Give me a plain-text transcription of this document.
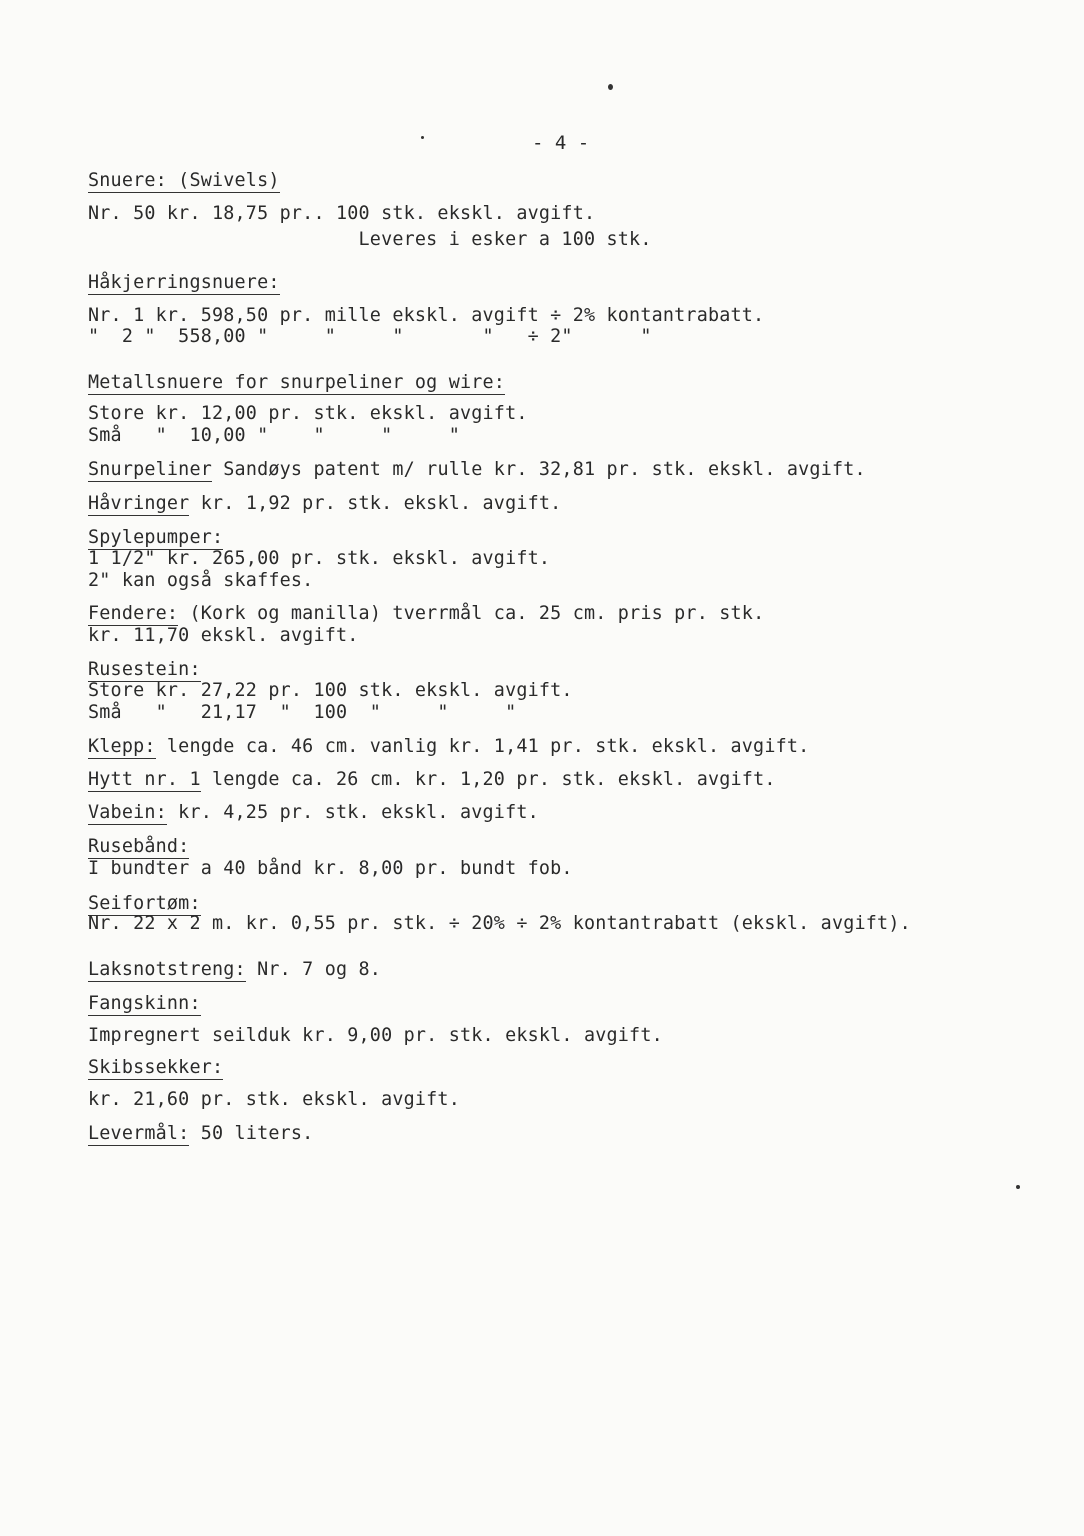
- 4 -
Snuere: (Swivels)
Nr. 50 kr. 18,75 pr.. 100 stk. ekskl. avgift.
Leveres i esker a 100 stk.
Håkjerringsnuere:
Nr. 1 kr. 598,50 pr. mille ekskl. avgift ÷ 2% kontantrabatt.
"  2 "  558,00 "     "     "       "   ÷ 2"      "
Metallsnuere for snurpeliner og wire:
Store kr. 12,00 pr. stk. ekskl. avgift.
Små   "  10,00 "    "     "     "
Snurpeliner Sandøys patent m/ rulle kr. 32,81 pr. stk. ekskl. avgift.
Håvringer kr. 1,92 pr. stk. ekskl. avgift.
Spylepumper:
1 1/2" kr. 265,00 pr. stk. ekskl. avgift.
2" kan også skaffes.
Fendere: (Kork og manilla) tverrmål ca. 25 cm. pris pr. stk.
kr. 11,70 ekskl. avgift.
Rusestein:
Store kr. 27,22 pr. 100 stk. ekskl. avgift.
Små   "   21,17  "  100  "     "     "
Klepp: lengde ca. 46 cm. vanlig kr. 1,41 pr. stk. ekskl. avgift.
Hytt nr. 1 lengde ca. 26 cm. kr. 1,20 pr. stk. ekskl. avgift.
Vabein: kr. 4,25 pr. stk. ekskl. avgift.
Rusebånd:
I bundter a 40 bånd kr. 8,00 pr. bundt fob.
Seifortøm:
Nr. 22 x 2 m. kr. 0,55 pr. stk. ÷ 20% ÷ 2% kontantrabatt (ekskl. avgift).
Laksnotstreng: Nr. 7 og 8.
Fangskinn:
Impregnert seilduk kr. 9,00 pr. stk. ekskl. avgift.
Skibssekker:
kr. 21,60 pr. stk. ekskl. avgift.
Levermål: 50 liters.
